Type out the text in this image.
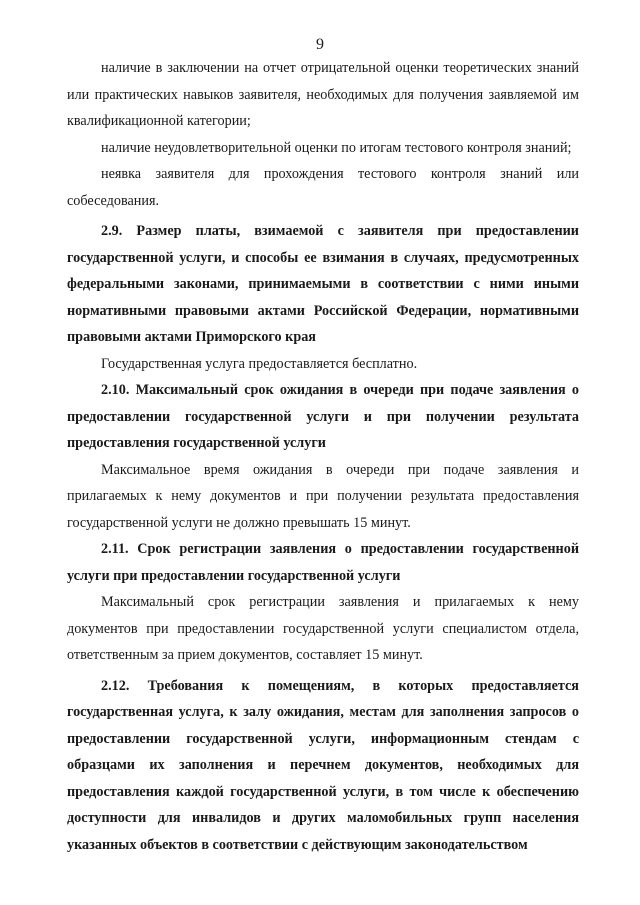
9

наличие в заключении на отчет отрицательной оценки теоретических знаний или практических навыков заявителя, необходимых для получения заявляемой им квалификационной категории;

наличие неудовлетворительной оценки по итогам тестового контроля знаний;

неявка заявителя для прохождения тестового контроля знаний или собеседования.

2.9. Размер платы, взимаемой с заявителя при предоставлении государственной услуги, и способы ее взимания в случаях, предусмотренных федеральными законами, принимаемыми в соответствии с ними иными нормативными правовыми актами Российской Федерации, нормативными правовыми актами Приморского края

Государственная услуга предоставляется бесплатно.

2.10. Максимальный срок ожидания в очереди при подаче заявления о предоставлении государственной услуги и при получении результата предоставления государственной услуги

Максимальное время ожидания в очереди при подаче заявления и прилагаемых к нему документов и при получении результата предоставления государственной услуги не должно превышать 15 минут.

2.11. Срок регистрации заявления о предоставлении государственной услуги при предоставлении государственной услуги

Максимальный срок регистрации заявления и прилагаемых к нему документов при предоставлении государственной услуги специалистом отдела, ответственным за прием документов, составляет 15 минут.

2.12. Требования к помещениям, в которых предоставляется государственная услуга, к залу ожидания, местам для заполнения запросов о предоставлении государственной услуги, информационным стендам с образцами их заполнения и перечнем документов, необходимых для предоставления каждой государственной услуги, в том числе к обеспечению доступности для инвалидов и других маломобильных групп населения указанных объектов в соответствии с действующим законодательством
